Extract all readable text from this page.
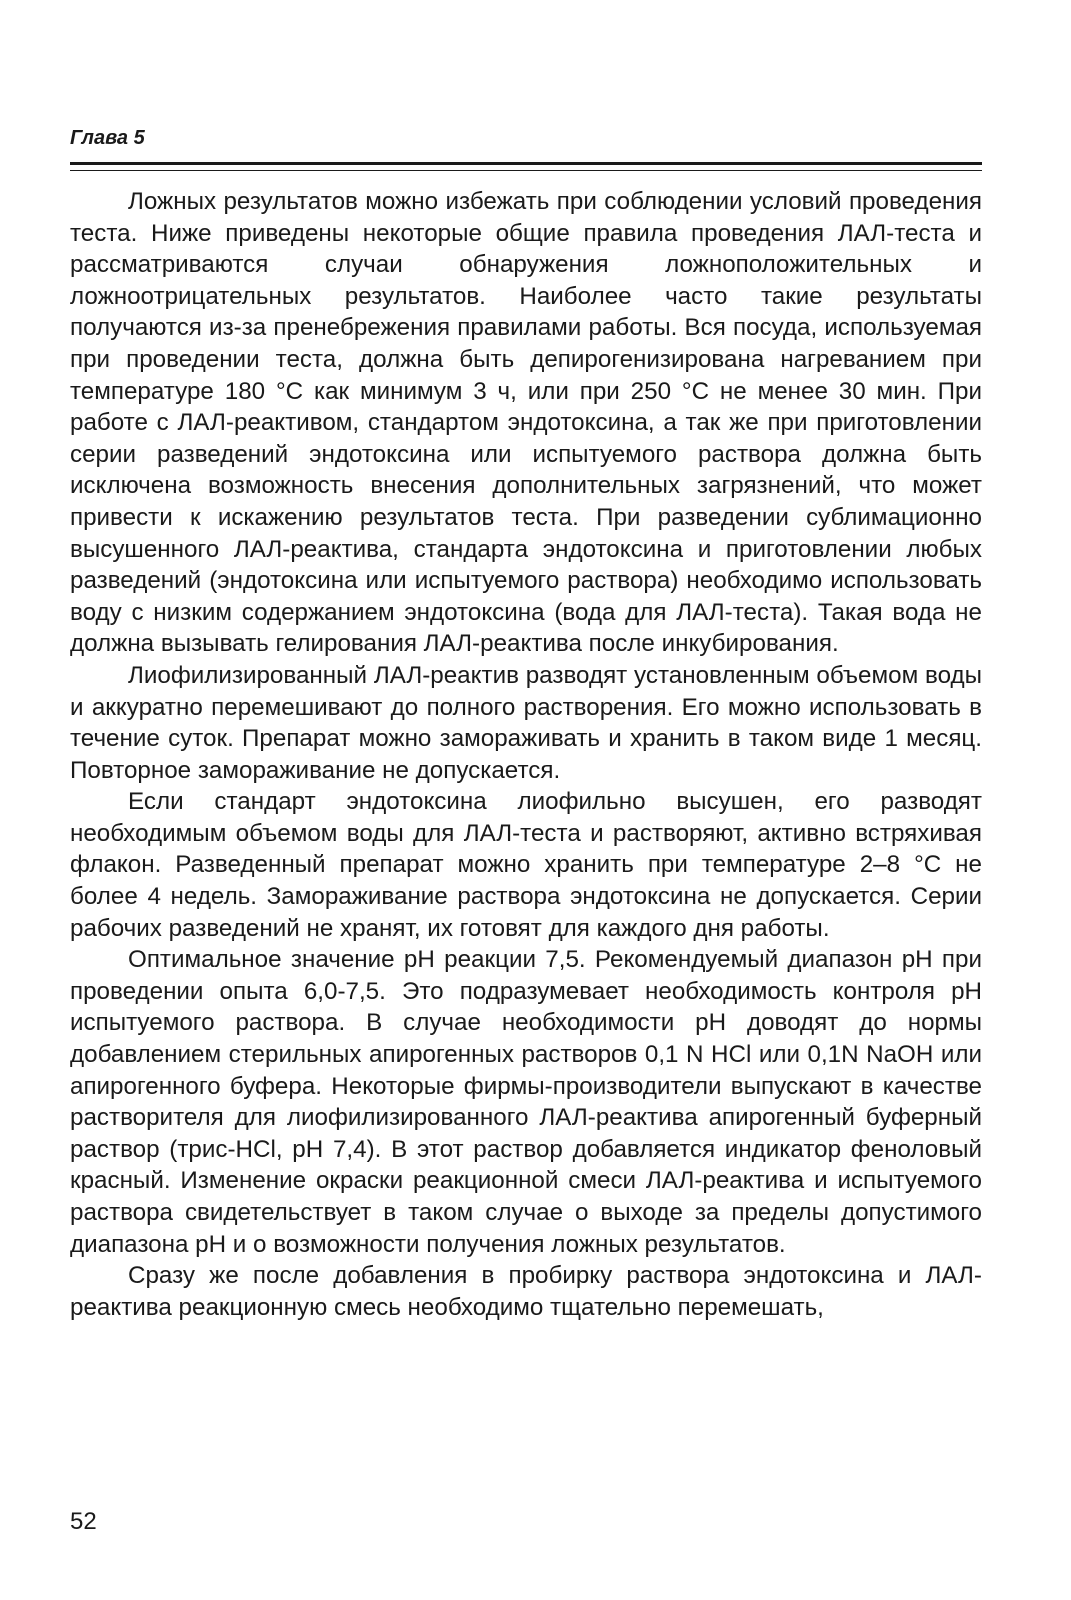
Глава 5

Ложных результатов можно избежать при соблюдении условий проведения теста. Ниже приведены некоторые общие правила проведения ЛАЛ-теста и рассматриваются случаи обнаружения ложноположительных и ложноотрицательных результатов. Наиболее часто такие результаты получаются из-за пренебрежения правилами работы. Вся посуда, используемая при проведении теста, должна быть депирогенизирована нагреванием при температуре 180 °С как минимум 3 ч, или при 250 °С не менее 30 мин. При работе с ЛАЛ-реактивом, стандартом эндотоксина, а так же при приготовлении серии разведений эндотоксина или испытуемого раствора должна быть исключена возможность внесения дополнительных загрязнений, что может привести к искажению результатов теста. При разведении сублимационно высушенного ЛАЛ-реактива, стандарта эндотоксина и приготовлении любых разведений (эндотоксина или испытуемого раствора) необходимо использовать воду с низким содержанием эндотоксина (вода для ЛАЛ-теста). Такая вода не должна вызывать гелирования ЛАЛ-реактива после инкубирования.

Лиофилизированный ЛАЛ-реактив разводят установленным объемом воды и аккуратно перемешивают до полного растворения. Его можно использовать в течение суток. Препарат можно замораживать и хранить в таком виде 1 месяц. Повторное замораживание не допускается.

Если стандарт эндотоксина лиофильно высушен, его разводят необходимым объемом воды для ЛАЛ-теста и растворяют, активно встряхивая флакон. Разведенный препарат можно хранить при температуре 2–8 °С не более 4 недель. Замораживание раствора эндотоксина не допускается. Серии рабочих разведений не хранят, их готовят для каждого дня работы.

Оптимальное значение рН реакции 7,5. Рекомендуемый диапазон рН при проведении опыта 6,0-7,5. Это подразумевает необходимость контроля рН испытуемого раствора. В случае необходимости рН доводят до нормы добавлением стерильных апирогенных растворов 0,1 N HCl или 0,1N NaOH или апирогенного буфера. Некоторые фирмы-производители выпускают в качестве растворителя для лиофилизированного ЛАЛ-реактива апирогенный буферный раствор (трис-HCl, рН 7,4). В этот раствор добавляется индикатор феноловый красный. Изменение окраски реакционной смеси ЛАЛ-реактива и испытуемого раствора свидетельствует в таком случае о выходе за пределы допустимого диапазона рН и о возможности получения ложных результатов.

Сразу же после добавления в пробирку раствора эндотоксина и ЛАЛ-реактива реакционную смесь необходимо тщательно перемешать,

52
